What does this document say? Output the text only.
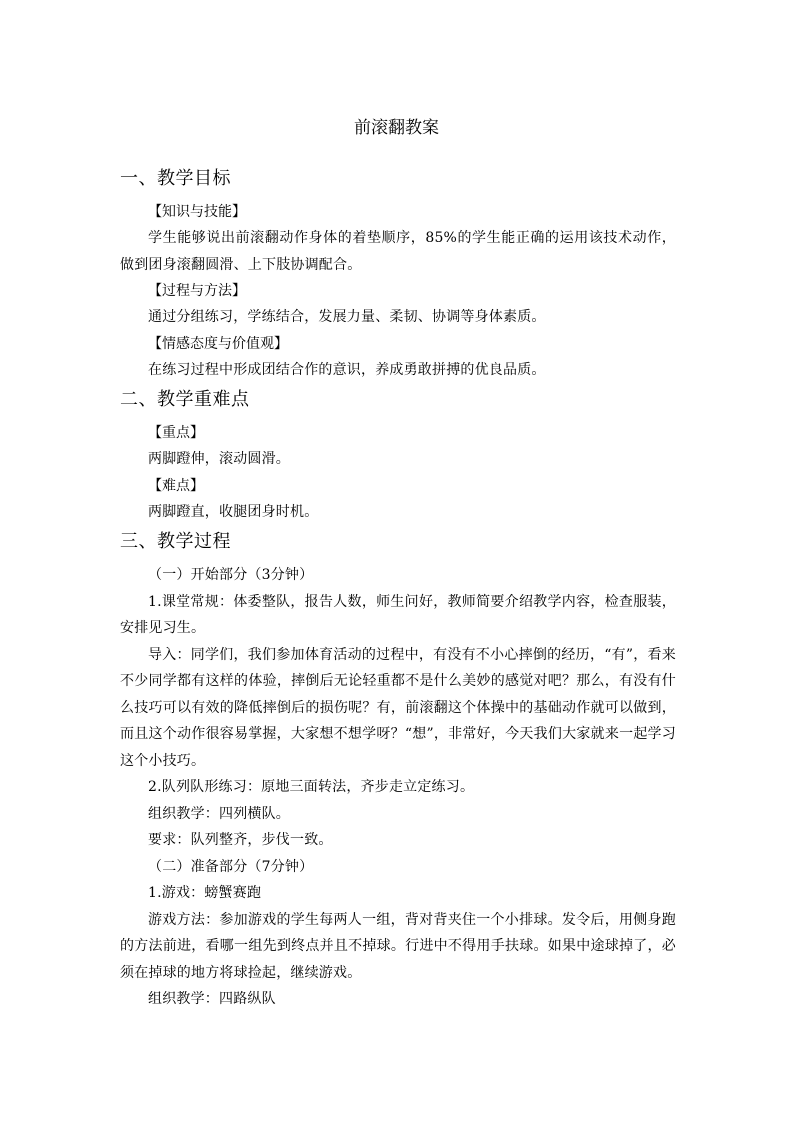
前滚翻教案
一、教学目标

【知识与技能】

学生能够说出前滚翻动作身体的着垫顺序，85%的学生能正确的运用该技术动作，做到团身滚翻圆滑、上下肢协调配合。

【过程与方法】

通过分组练习，学练结合，发展力量、柔韧、协调等身体素质。

【情感态度与价值观】

在练习过程中形成团结合作的意识，养成勇敢拼搏的优良品质。

二、教学重难点

【重点】

两脚蹬伸，滚动圆滑。

【难点】

两脚蹬直，收腿团身时机。

三、教学过程

（一）开始部分（3分钟）

1.课堂常规：体委整队，报告人数，师生问好，教师简要介绍教学内容，检查服装，安排见习生。

导入：同学们，我们参加体育活动的过程中，有没有不小心摔倒的经历，“有”，看来不少同学都有这样的体验，摔倒后无论轻重都不是什么美妙的感觉对吧？那么，有没有什么技巧可以有效的降低摔倒后的损伤呢？有，前滚翻这个体操中的基础动作就可以做到，而且这个动作很容易掌握，大家想不想学呀？“想”，非常好，今天我们大家就来一起学习这个小技巧。

2.队列队形练习：原地三面转法，齐步走立定练习。

组织教学：四列横队。

要求：队列整齐，步伐一致。

（二）准备部分（7分钟）

1.游戏：螃蟹赛跑

游戏方法：参加游戏的学生每两人一组，背对背夹住一个小排球。发令后，用侧身跑的方法前进，看哪一组先到终点并且不掉球。行进中不得用手扶球。如果中途球掉了，必须在掉球的地方将球捡起，继续游戏。

组织教学：四路纵队
